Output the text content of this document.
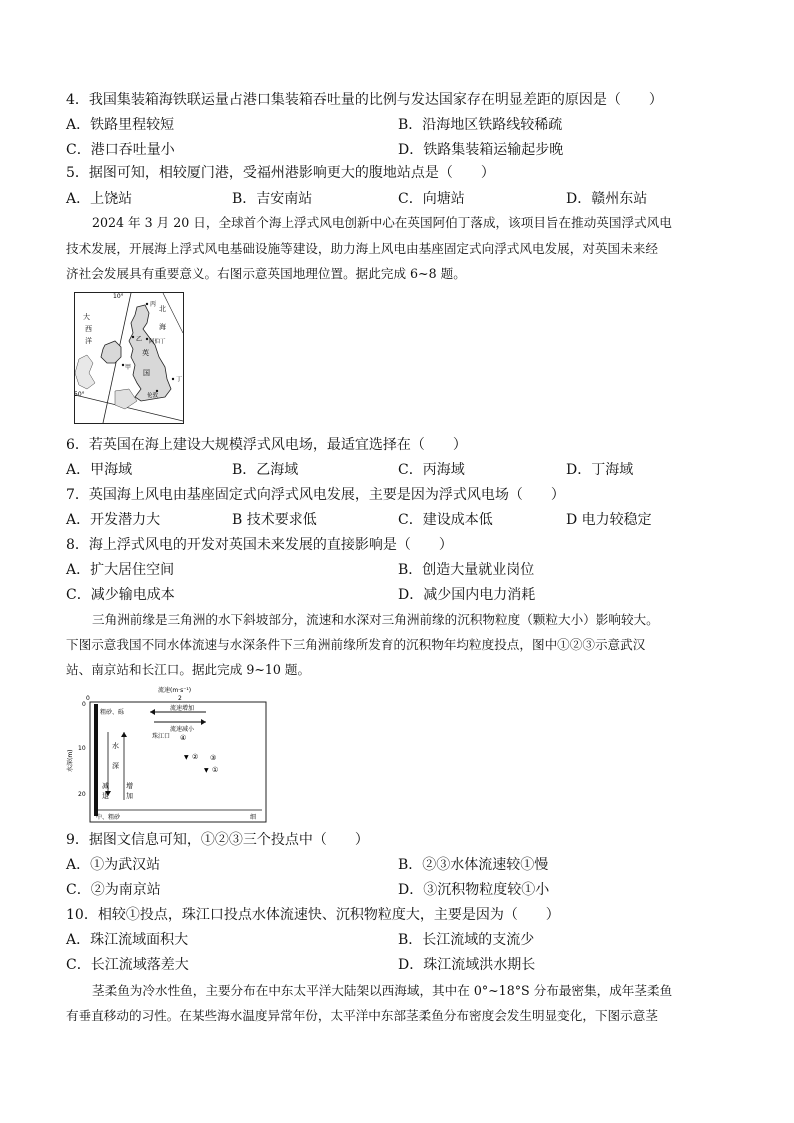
4．我国集装箱海铁联运量占港口集装箱吞吐量的比例与发达国家存在明显差距的原因是（　　）
A．铁路里程较短	B．沿海地区铁路线较稀疏
C．港口吞吐量小	D．铁路集装箱运输起步晚
5．据图可知，相较厦门港，受福州港影响更大的腹地站点是（　　）
A．上饶站	B．吉安南站	C．向塘站	D．赣州东站
2024 年 3 月 20 日，全球首个海上浮式风电创新中心在英国阿伯丁落成，该项目旨在推动英国浮式风电
技术发展，开展海上浮式风电基础设施等建设，助力海上风电由基座固定式向浮式风电发展，对英国未来经
济社会发展具有重要意义。右图示意英国地理位置。据此完成 6~8 题。
10°
50°
大
西
洋
北
海
丙
乙
甲
丁
阿伯丁
英
国
伦敦
6．若英国在海上建设大规模浮式风电场，最适宜选择在（　　）
A．甲海域	B．乙海域	C．丙海域	D．丁海域
7．英国海上风电由基座固定式向浮式风电发展，主要是因为浮式风电场（　　）
A．开发潜力大	B 技术要求低	C．建设成本低	D 电力较稳定
8．海上浮式风电的开发对英国未来发展的直接影响是（　　）
A．扩大居住空间	B．创造大量就业岗位
C．减少输电成本	D．减少国内电力消耗
三角洲前缘是三角洲的水下斜坡部分，流速和水深对三角洲前缘的沉积物粒度（颗粒大小）影响较大。
下图示意我国不同水体流速与水深条件下三角洲前缘所发育的沉积物年均粒度投点，图中①②③示意武汉
站、南京站和长江口。据此完成 9~10 题。
流速(m·s⁻¹)
0	2
水深(m)
0
10
20
粗砂、砾
流速增加
流速减小
珠江口 ④
②
▼
①
▼
③
水
深
增
加
减
退
中、粗砂	细
9．据图文信息可知，①②③三个投点中（　　）
A．①为武汉站	B．②③水体流速较①慢
C．②为南京站	D．③沉积物粒度较①小
10．相较①投点，珠江口投点水体流速快、沉积物粒度大，主要是因为（　　）
A．珠江流域面积大	B．长江流域的支流少
C．长江流域落差大	D．珠江流域洪水期长
茎柔鱼为冷水性鱼，主要分布在中东太平洋大陆架以西海域，其中在 0°~18°S 分布最密集，成年茎柔鱼
有垂直移动的习性。在某些海水温度异常年份，太平洋中东部茎柔鱼分布密度会发生明显变化，下图示意茎
